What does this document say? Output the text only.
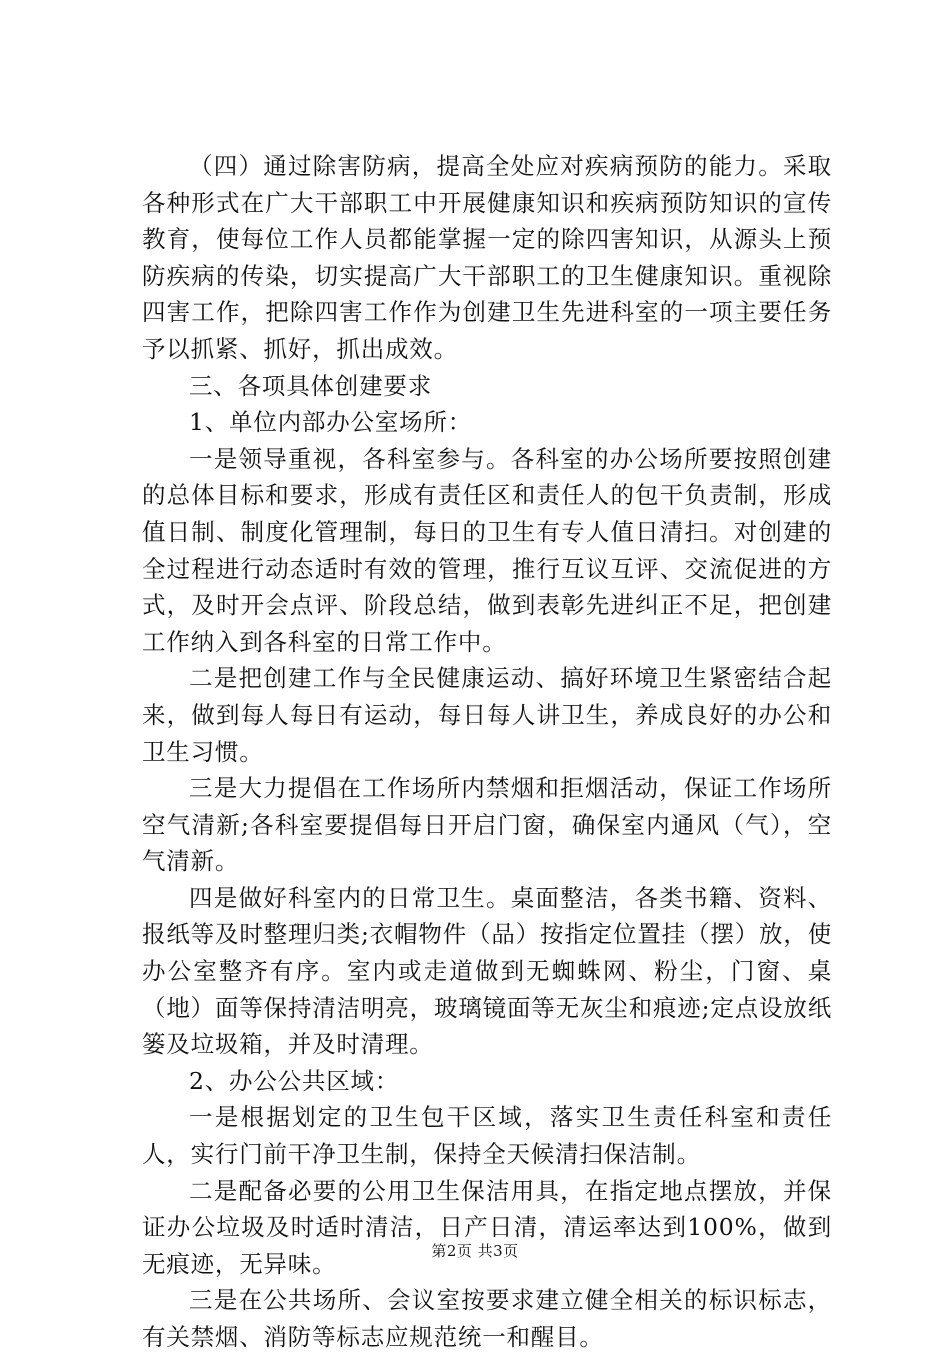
（四）通过除害防病，提高全处应对疾病预防的能力。采取各种形式在广大干部职工中开展健康知识和疾病预防知识的宣传教育，使每位工作人员都能掌握一定的除四害知识，从源头上预防疾病的传染，切实提高广大干部职工的卫生健康知识。重视除四害工作，把除四害工作作为创建卫生先进科室的一项主要任务予以抓紧、抓好，抓出成效。

三、各项具体创建要求

1、单位内部办公室场所：

一是领导重视，各科室参与。各科室的办公场所要按照创建的总体目标和要求，形成有责任区和责任人的包干负责制，形成值日制、制度化管理制，每日的卫生有专人值日清扫。对创建的全过程进行动态适时有效的管理，推行互议互评、交流促进的方式，及时开会点评、阶段总结，做到表彰先进纠正不足，把创建工作纳入到各科室的日常工作中。

二是把创建工作与全民健康运动、搞好环境卫生紧密结合起来，做到每人每日有运动，每日每人讲卫生，养成良好的办公和卫生习惯。

三是大力提倡在工作场所内禁烟和拒烟活动，保证工作场所空气清新;各科室要提倡每日开启门窗，确保室内通风（气），空气清新。

四是做好科室内的日常卫生。桌面整洁，各类书籍、资料、报纸等及时整理归类;衣帽物件（品）按指定位置挂（摆）放，使办公室整齐有序。室内或走道做到无蜘蛛网、粉尘，门窗、桌（地）面等保持清洁明亮，玻璃镜面等无灰尘和痕迹;定点设放纸篓及垃圾箱，并及时清理。

2、办公公共区域：

一是根据划定的卫生包干区域，落实卫生责任科室和责任人，实行门前干净卫生制，保持全天候清扫保洁制。

二是配备必要的公用卫生保洁用具，在指定地点摆放，并保证办公垃圾及时适时清洁，日产日清，清运率达到100%，做到无痕迹，无异味。

三是在公共场所、会议室按要求建立健全相关的标识标志，有关禁烟、消防等标志应规范统一和醒目。

第2页 共3页
